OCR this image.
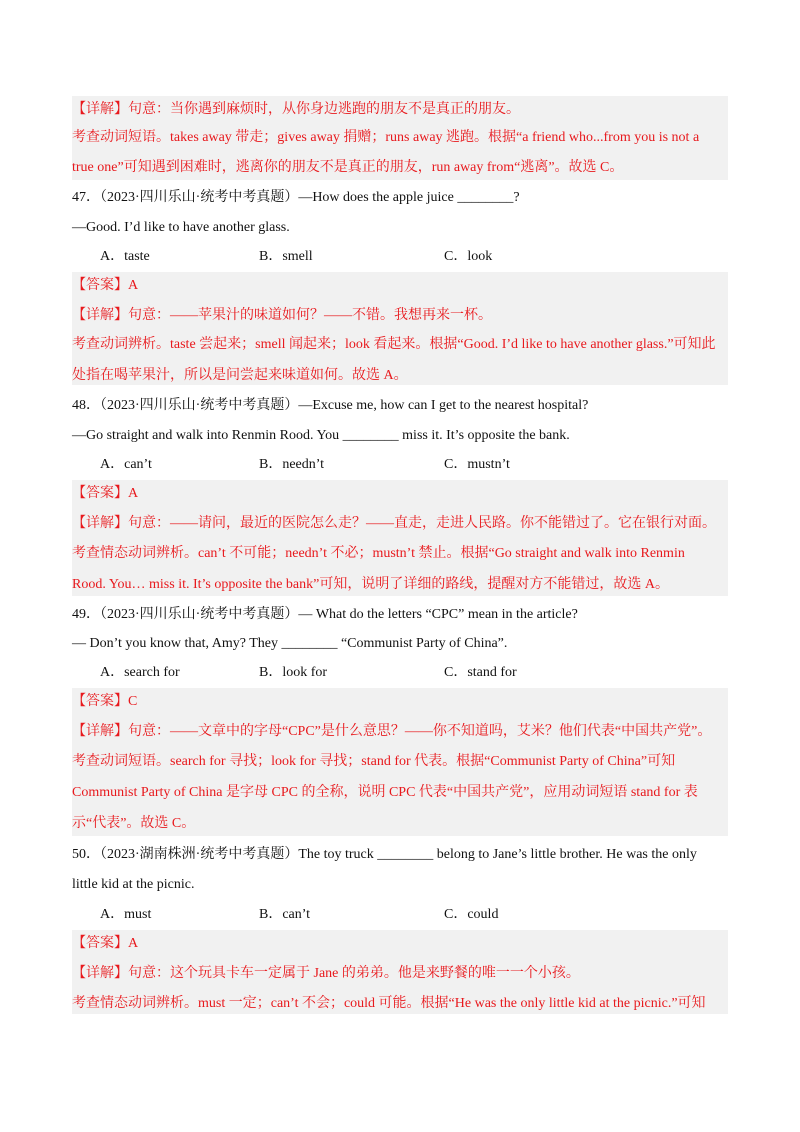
【详解】句意：当你遇到麻烦时，从你身边逃跑的朋友不是真正的朋友。
考查动词短语。takes away 带走；gives away 捐赠；runs away 逃跑。根据“a friend who...from you is not a
true one”可知遇到困难时，逃离你的朋友不是真正的朋友，run away from“逃离”。故选 C。
47．（2023·四川乐山·统考中考真题）—How does the apple juice ________?
—Good. I’d like to have another glass.
A．taste	B．smell	C．look
【答案】A
【详解】句意：——苹果汁的味道如何？——不错。我想再来一杯。
考查动词辨析。taste 尝起来；smell 闻起来；look 看起来。根据“Good. I’d like to have another glass.”可知此
处指在喝苹果汁，所以是问尝起来味道如何。故选 A。
48．（2023·四川乐山·统考中考真题）—Excuse me, how can I get to the nearest hospital?
—Go straight and walk into Renmin Rood. You ________ miss it. It’s opposite the bank.
A．can’t	B．needn’t	C．mustn’t
【答案】A
【详解】句意：——请问，最近的医院怎么走？——直走，走进人民路。你不能错过了。它在银行对面。
考查情态动词辨析。can’t 不可能；needn’t 不必；mustn’t 禁止。根据“Go straight and walk into Renmin
Rood. You… miss it. It’s opposite the bank”可知，说明了详细的路线，提醒对方不能错过，故选 A。
49．（2023·四川乐山·统考中考真题）— What do the letters “CPC” mean in the article?
— Don’t you know that, Amy? They ________ “Communist Party of China”.
A．search for	B．look for	C．stand for
【答案】C
【详解】句意：——文章中的字母“CPC”是什么意思？——你不知道吗，艾米？他们代表“中国共产党”。
考查动词短语。search for 寻找；look for 寻找；stand for 代表。根据“Communist Party of China”可知
Communist Party of China 是字母 CPC 的全称，说明 CPC 代表“中国共产党”，应用动词短语 stand for 表
示“代表”。故选 C。
50．（2023·湖南株洲·统考中考真题）The toy truck ________ belong to Jane’s little brother. He was the only
little kid at the picnic.
A．must	B．can’t	C．could
【答案】A
【详解】句意：这个玩具卡车一定属于 Jane 的弟弟。他是来野餐的唯一一个小孩。
考查情态动词辨析。must 一定；can’t 不会；could 可能。根据“He was the only little kid at the picnic.”可知
